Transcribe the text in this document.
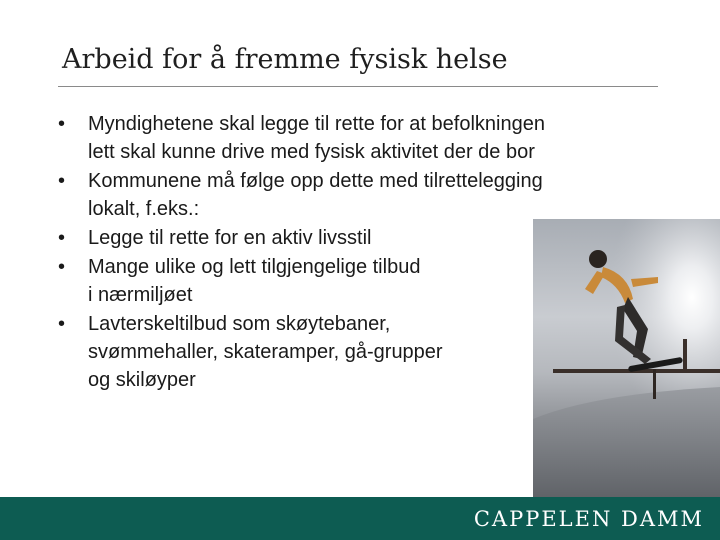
Arbeid for å fremme fysisk helse
• Myndighetene skal legge til rette for at befolkningen
lett skal kunne drive med fysisk aktivitet der de bor
• Kommunene må følge opp dette med tilrettelegging
lokalt, f.eks.:
• Legge til rette for en aktiv livsstil
• Mange ulike og lett tilgjengelige tilbud
i nærmiljøet
• Lavterskeltilbud som skøytebaner,
svømmehaller, skateramper, gå-grupper
og skiløyper
CAPPELEN DAMM
